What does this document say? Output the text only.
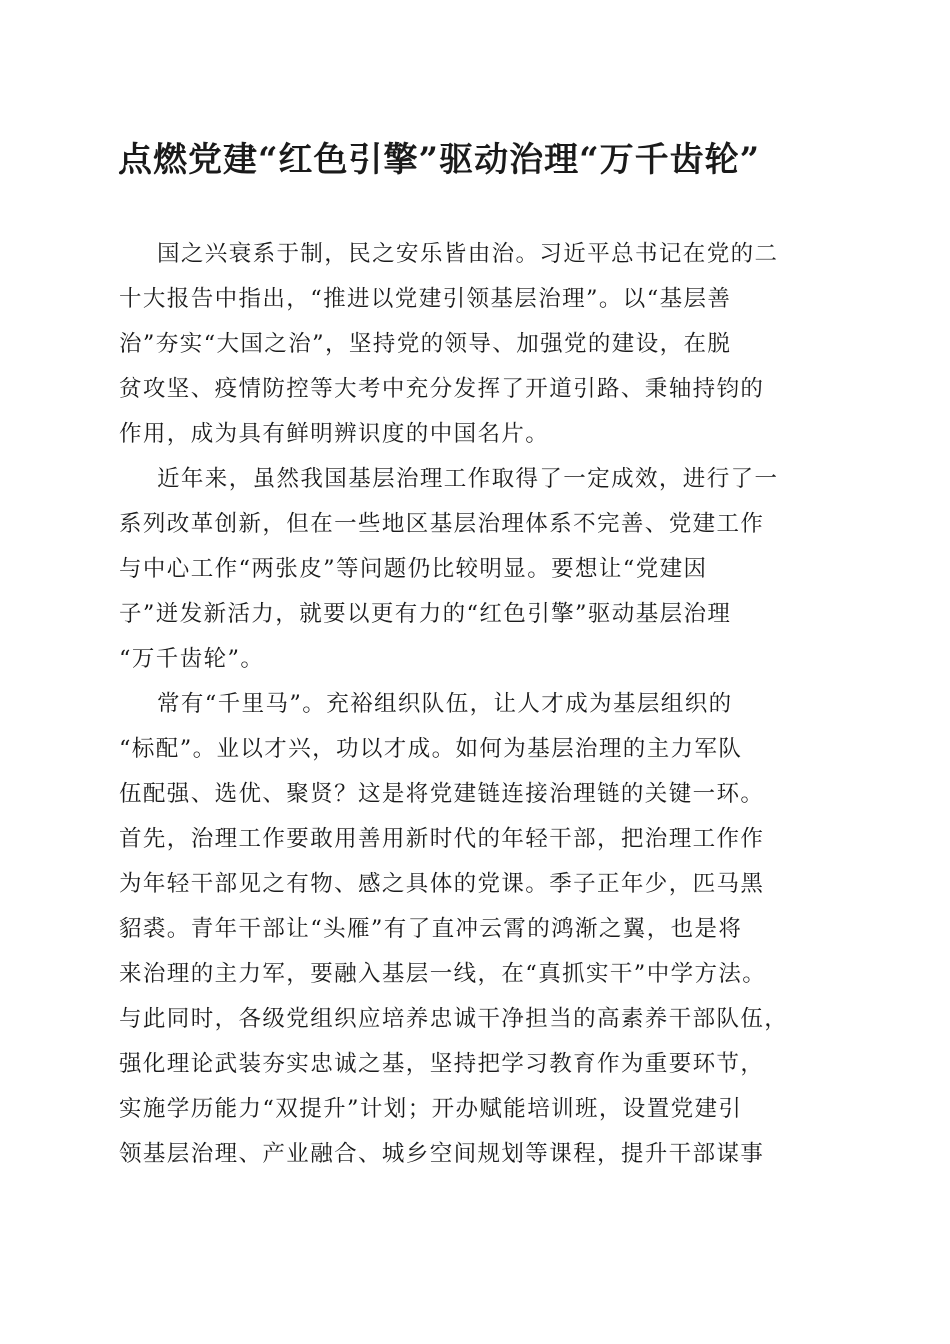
点燃党建“红色引擎”驱动治理“万千齿轮”
国之兴衰系于制，民之安乐皆由治。习近平总书记在党的二
十大报告中指出，“推进以党建引领基层治理”。以“基层善
治”夯实“大国之治”，坚持党的领导、加强党的建设，在脱
贫攻坚、疫情防控等大考中充分发挥了开道引路、秉轴持钧的
作用，成为具有鲜明辨识度的中国名片。
近年来，虽然我国基层治理工作取得了一定成效，进行了一
系列改革创新，但在一些地区基层治理体系不完善、党建工作
与中心工作“两张皮”等问题仍比较明显。要想让“党建因
子”迸发新活力，就要以更有力的“红色引擎”驱动基层治理
“万千齿轮”。
常有“千里马”。充裕组织队伍，让人才成为基层组织的
“标配”。业以才兴，功以才成。如何为基层治理的主力军队
伍配强、选优、聚贤？这是将党建链连接治理链的关键一环。
首先，治理工作要敢用善用新时代的年轻干部，把治理工作作
为年轻干部见之有物、感之具体的党课。季子正年少，匹马黑
貂裘。青年干部让“头雁”有了直冲云霄的鸿渐之翼，也是将
来治理的主力军，要融入基层一线，在“真抓实干”中学方法。
与此同时，各级党组织应培养忠诚干净担当的高素养干部队伍，
强化理论武装夯实忠诚之基，坚持把学习教育作为重要环节，
实施学历能力“双提升”计划；开办赋能培训班，设置党建引
领基层治理、产业融合、城乡空间规划等课程，提升干部谋事
